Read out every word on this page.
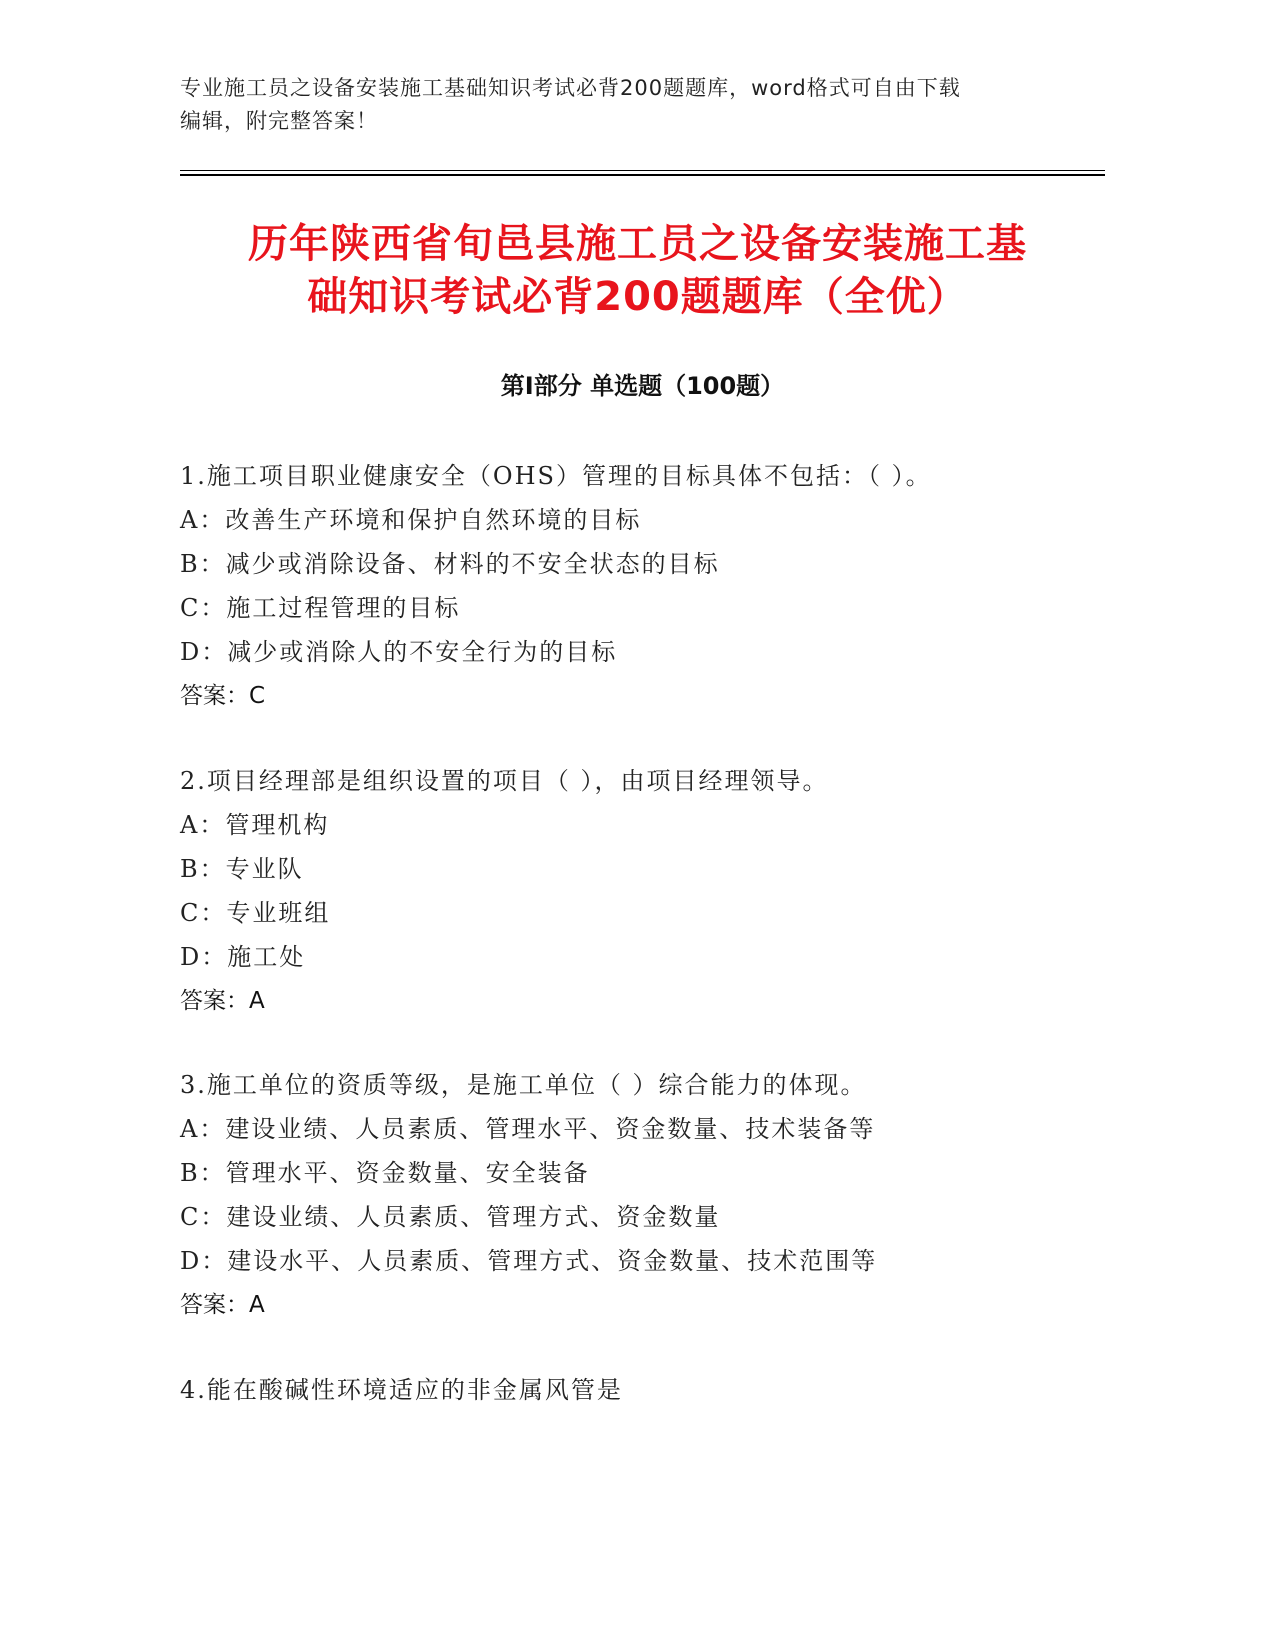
专业施工员之设备安装施工基础知识考试必背200题题库，word格式可自由下载
编辑，附完整答案！
历年陕西省旬邑县施工员之设备安装施工基
础知识考试必背200题题库（全优）
第Ⅰ部分 单选题（100题）
1.施工项目职业健康安全（OHS）管理的目标具体不包括：（ ）。
A：改善生产环境和保护自然环境的目标
B：减少或消除设备、材料的不安全状态的目标
C：施工过程管理的目标
D：减少或消除人的不安全行为的目标
答案：C
2.项目经理部是组织设置的项目（ ），由项目经理领导。
A：管理机构
B：专业队
C：专业班组
D：施工处
答案：A
3.施工单位的资质等级，是施工单位（ ）综合能力的体现。
A：建设业绩、人员素质、管理水平、资金数量、技术装备等
B：管理水平、资金数量、安全装备
C：建设业绩、人员素质、管理方式、资金数量
D：建设水平、人员素质、管理方式、资金数量、技术范围等
答案：A
4.能在酸碱性环境适应的非金属风管是
